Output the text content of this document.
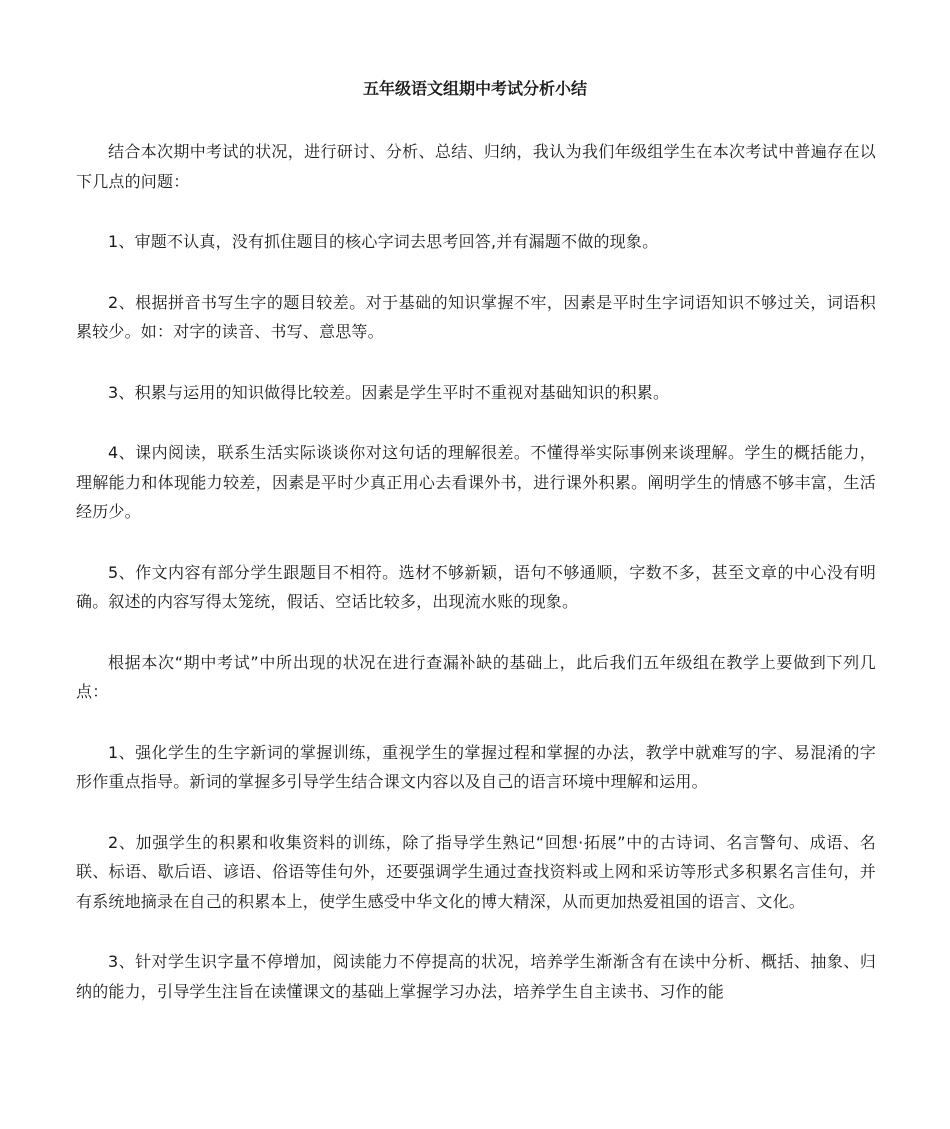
五年级语文组期中考试分析小结

结合本次期中考试的状况，进行研讨、分析、总结、归纳，我认为我们年级组学生在本次考试中普遍存在以下几点的问题：

1、审题不认真，没有抓住题目的核心字词去思考回答,并有漏题不做的现象。

2、根据拼音书写生字的题目较差。对于基础的知识掌握不牢，因素是平时生字词语知识不够过关，词语积累较少。如：对字的读音、书写、意思等。

3、积累与运用的知识做得比较差。因素是学生平时不重视对基础知识的积累。

4、课内阅读，联系生活实际谈谈你对这句话的理解很差。不懂得举实际事例来谈理解。学生的概括能力，理解能力和体现能力较差，因素是平时少真正用心去看课外书，进行课外积累。阐明学生的情感不够丰富，生活经历少。

5、作文内容有部分学生跟题目不相符。选材不够新颖，语句不够通顺，字数不多，甚至文章的中心没有明确。叙述的内容写得太笼统，假话、空话比较多，出现流水账的现象。

根据本次“期中考试”中所出现的状况在进行查漏补缺的基础上，此后我们五年级组在教学上要做到下列几点：

1、强化学生的生字新词的掌握训练，重视学生的掌握过程和掌握的办法，教学中就难写的字、易混淆的字形作重点指导。新词的掌握多引导学生结合课文内容以及自己的语言环境中理解和运用。

2、加强学生的积累和收集资料的训练，除了指导学生熟记“回想·拓展”中的古诗词、名言警句、成语、名联、标语、歇后语、谚语、俗语等佳句外，还要强调学生通过查找资料或上网和采访等形式多积累名言佳句，并有系统地摘录在自己的积累本上，使学生感受中华文化的博大精深，从而更加热爱祖国的语言、文化。

3、针对学生识字量不停增加，阅读能力不停提高的状况，培养学生渐渐含有在读中分析、概括、抽象、归纳的能力，引导学生注旨在读懂课文的基础上掌握学习办法，培养学生自主读书、习作的能
